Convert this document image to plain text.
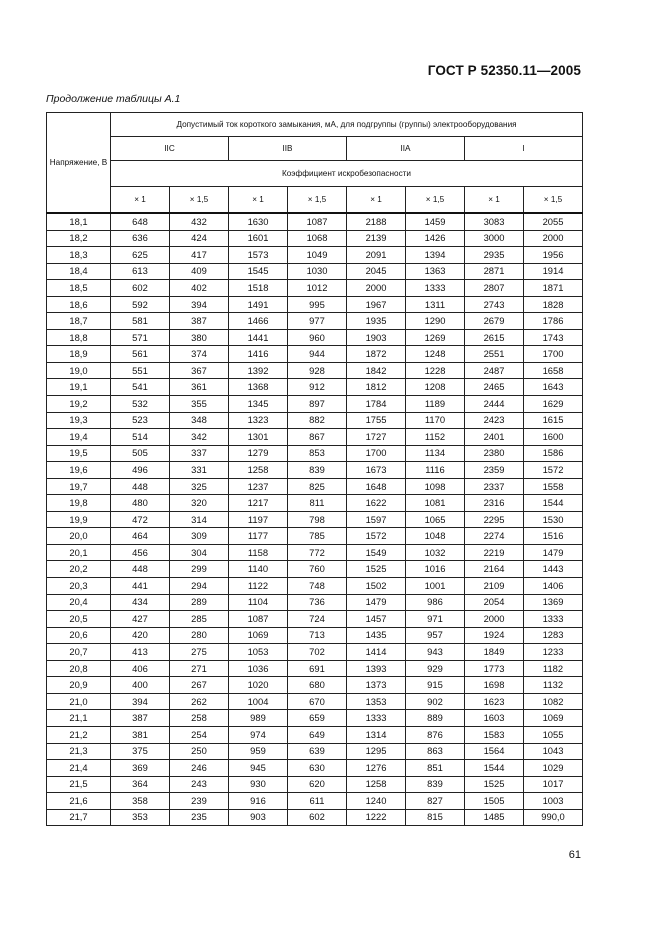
ГОСТ Р 52350.11—2005
Продолжение таблицы А.1
Напряжение, В	Допустимый ток короткого замыкания, мА, для подгруппы (группы) электрооборудования							
	IIC		IIB		IIA		I	
	Коэффициент искробезопасности							
	× 1	× 1,5	× 1	× 1,5	× 1	× 1,5	× 1	× 1,5
18,1	648	432	1630	1087	2188	1459	3083	2055
18,2	636	424	1601	1068	2139	1426	3000	2000
18,3	625	417	1573	1049	2091	1394	2935	1956
18,4	613	409	1545	1030	2045	1363	2871	1914
18,5	602	402	1518	1012	2000	1333	2807	1871
18,6	592	394	1491	995	1967	1311	2743	1828
18,7	581	387	1466	977	1935	1290	2679	1786
18,8	571	380	1441	960	1903	1269	2615	1743
18,9	561	374	1416	944	1872	1248	2551	1700
19,0	551	367	1392	928	1842	1228	2487	1658
19,1	541	361	1368	912	1812	1208	2465	1643
19,2	532	355	1345	897	1784	1189	2444	1629
19,3	523	348	1323	882	1755	1170	2423	1615
19,4	514	342	1301	867	1727	1152	2401	1600
19,5	505	337	1279	853	1700	1134	2380	1586
19,6	496	331	1258	839	1673	1116	2359	1572
19,7	448	325	1237	825	1648	1098	2337	1558
19,8	480	320	1217	811	1622	1081	2316	1544
19,9	472	314	1197	798	1597	1065	2295	1530
20,0	464	309	1177	785	1572	1048	2274	1516
20,1	456	304	1158	772	1549	1032	2219	1479
20,2	448	299	1140	760	1525	1016	2164	1443
20,3	441	294	1122	748	1502	1001	2109	1406
20,4	434	289	1104	736	1479	986	2054	1369
20,5	427	285	1087	724	1457	971	2000	1333
20,6	420	280	1069	713	1435	957	1924	1283
20,7	413	275	1053	702	1414	943	1849	1233
20,8	406	271	1036	691	1393	929	1773	1182
20,9	400	267	1020	680	1373	915	1698	1132
21,0	394	262	1004	670	1353	902	1623	1082
21,1	387	258	989	659	1333	889	1603	1069
21,2	381	254	974	649	1314	876	1583	1055
21,3	375	250	959	639	1295	863	1564	1043
21,4	369	246	945	630	1276	851	1544	1029
21,5	364	243	930	620	1258	839	1525	1017
21,6	358	239	916	611	1240	827	1505	1003
21,7	353	235	903	602	1222	815	1485	990,0
61
